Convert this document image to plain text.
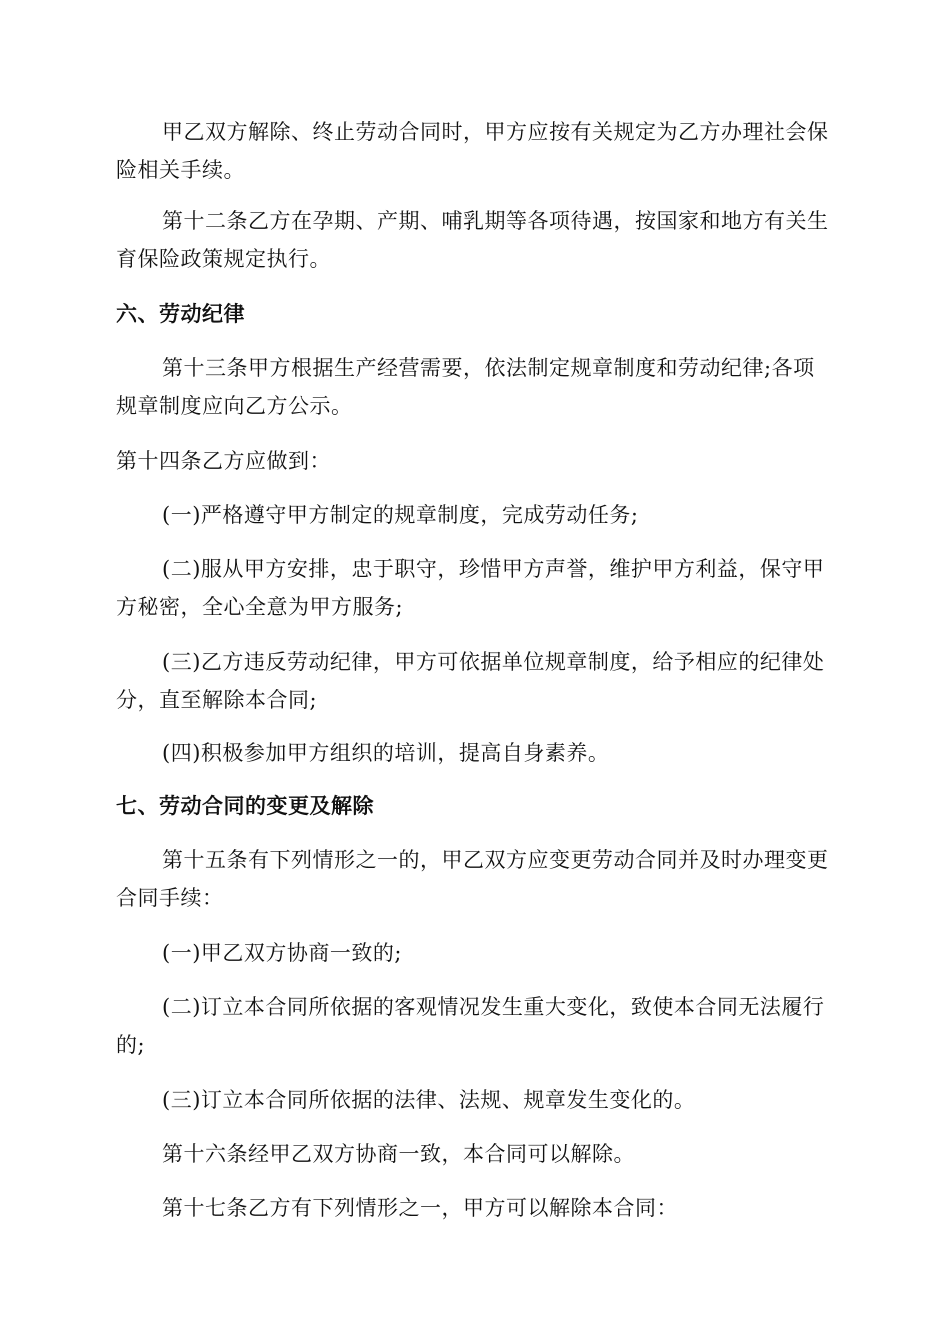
甲乙双方解除、终止劳动合同时，甲方应按有关规定为乙方办理社会保险相关手续。

第十二条乙方在孕期、产期、哺乳期等各项待遇，按国家和地方有关生育保险政策规定执行。

六、劳动纪律

第十三条甲方根据生产经营需要，依法制定规章制度和劳动纪律;各项规章制度应向乙方公示。

第十四条乙方应做到：

(一)严格遵守甲方制定的规章制度，完成劳动任务;

(二)服从甲方安排，忠于职守，珍惜甲方声誉，维护甲方利益，保守甲方秘密，全心全意为甲方服务;

(三)乙方违反劳动纪律，甲方可依据单位规章制度，给予相应的纪律处分，直至解除本合同;

(四)积极参加甲方组织的培训，提高自身素养。

七、劳动合同的变更及解除

第十五条有下列情形之一的，甲乙双方应变更劳动合同并及时办理变更合同手续：

(一)甲乙双方协商一致的;

(二)订立本合同所依据的客观情况发生重大变化，致使本合同无法履行的;

(三)订立本合同所依据的法律、法规、规章发生变化的。

第十六条经甲乙双方协商一致，本合同可以解除。

第十七条乙方有下列情形之一，甲方可以解除本合同：
